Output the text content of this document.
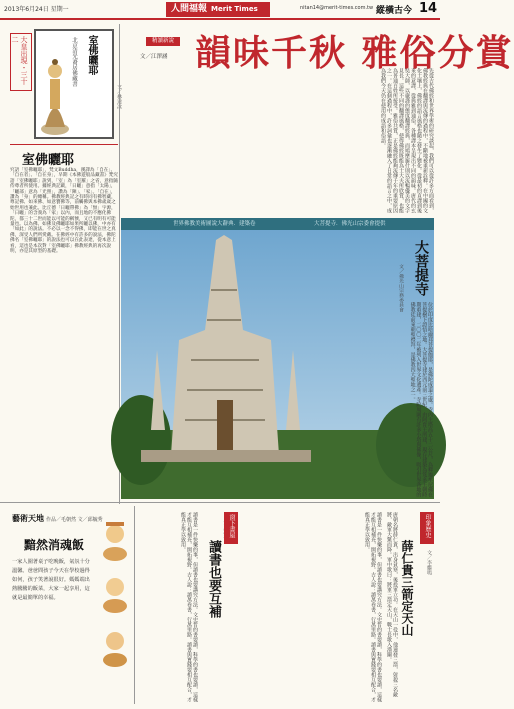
2013年6月24日 星期一	人間福報 Merit Times	nitan14@merit-times.com.tw 縱橫古今 14
大皇出現・三十二	室佛曬耶
北京清光裔居佛藏書
室佛曬耶
究語「室佛曬耶」，梵文Buddha，漢譯為「自在」、「自在者」、「自在身」，早期《本佛遊般品藏書》梵究語「室佛曬耶」說到，「室」為「室羅」之省，意指隨侍尊者所使用。據經典記載，「日曬」意指「太陽」，「曬部」意為「光照」，讚為「陳」、「家」。「自在」，讚為「身」的總稱。佛教經典記之有時同有佛智藏，尊記佛、如來佛、如意寶佛等，前觸佛與本佛歲歲之始世用也兼此。比丘德「日曬帶佛」為「無」字源，「日曬」的含義為「家」以內，而且地的不應化佛陀，都三十二世而能以可能的稱號，又已有明有可能量也。以為佛、如佛及佛曬耶如果所曬以佛，中亦有「如此」的說法。不必以一念不得佛，即能在世之真佛，深受人們所愛戴。在佛經中有許多的說法，佛陀佛名「室佛曬耶」的說法也可以在此表達，從本意上看，這也是本次對「室佛曬耶」佛教經典的再次說明，亦是其原型的基礎。
精讀新說
文／江澤涵 韻味千秋 雅俗分賞
先從古代佛經和世界學術的研究談起，我們可以從許多方面看到，佛教經典在翻譯與流傳的過程中，不斷地被重新詮釋。在中國的文化土壤上，佛經的語言風格也隨之發生了變化。從最初的直譯到後來的意譯，從典雅到通俗，各種譯本呈現出不同的韻味。唐代的玄奘大師，以嚴謹的態度翻譯經典，而鳩摩羅什則以流暢優美的文字見長。這些不同的翻譯風格，使得佛經既能為士大夫所欣賞，也能為普通百姓所接受。雅俗共賞，正是佛經能夠流傳千年的重要原因之一。在這個過程中，許多詞彙也逐漸融入了日常的語言之中，成為我們今天仍在使用的成語和俗語。
世界佛教美術圖說大辭典．建築卷	大菩提寺．佛光山宗委會提供
大菩提寺
文／佛光山宗務委員會
位於印度比哈爾邦菩提伽耶，是佛陀成道之處。寺內主塔高五十二公尺，為釋迦牟尼佛在菩提樹下證悟之地。大菩提寺建於西元前三世紀，由阿育王所建，現存建築為笈多王朝時期重建，二〇〇二年被列入世界文化遺產。寺院周圍有許多小塔與佛像，吸引世界各地的佛教徒前來朝聖禮拜，是佛教四大聖地之一。
藝術天地 作品／毛朝然 文／邱毓秀
黯然消魂飯
一家人圍著桌子吃晚飯，氣氛十分溫馨。爸爸問孩子今天在學校過得如何，孩子笑著說很好。媽媽端出熱騰騰的飯菜，大家一起享用，這就是最簡單的幸福。	讀書是一件快樂的事，但讀書也要講究方法。文史哲的書要讀，科學的書也要讀，這樣才能互相補充，開拓視野。古人說：讀萬卷書，行萬里路。讀書與實踐要相互配合，才能真正學以致用。
讀書也要互補
窗下書屋	讀書是一件快樂的事，但讀書也要講究方法。文史哲的書要讀，科學的書也要讀，這樣才能互相補充，開拓視野。古人說：讀萬卷書，行萬里路。讀書與實踐要相互配合，才能真正學以致用。	印象歷史
薛仁貴三箭定天山 文／李繼鳴
唐朝名將薛仁貴，出身貧寒，後投軍立功。在天山一役中，他連發三箭，射殺三名敵將，敵軍大驚而降。軍中歌曰：將軍三箭定天山，戰士長歌入漢關。
